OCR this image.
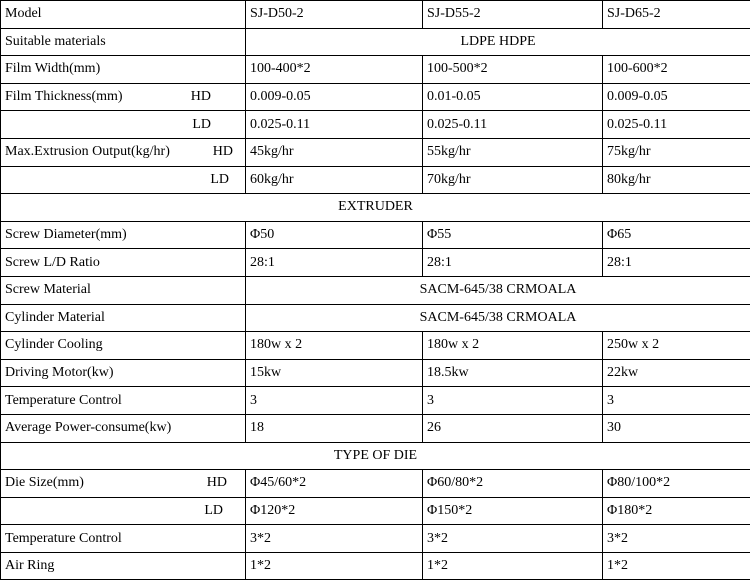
Model	SJ-D50-2	SJ-D55-2	SJ-D65-2
Suitable materials	LDPE HDPE		
Film Width(mm)	100-400*2	100-500*2	100-600*2

Film Thickness(mm) HD	0.009-0.05	0.01-0.05	0.009-0.05
LD	0.025-0.11	0.025-0.11	0.025-0.11

Max.Extrusion Output(kg/hr) HD	45kg/hr	55kg/hr	75kg/hr
LD	60kg/hr	70kg/hr	80kg/hr
EXTRUDER			
Screw Diameter(mm)	Φ50	Φ55	Φ65
Screw L/D Ratio	28:1	28:1	28:1
Screw Material	SACM-645/38 CRMOALA		
Cylinder Material	SACM-645/38 CRMOALA		
Cylinder Cooling	180w x 2	180w x 2	250w x 2
Driving Motor(kw)	15kw	18.5kw	22kw
Temperature Control	3	3	3
Average Power-consume(kw)	18	26	30
TYPE OF DIE			

Die Size(mm) HD	Φ45/60*2	Φ60/80*2	Φ80/100*2
LD	Φ120*2	Φ150*2	Φ180*2
Temperature Control	3*2	3*2	3*2
Air Ring	1*2	1*2	1*2
